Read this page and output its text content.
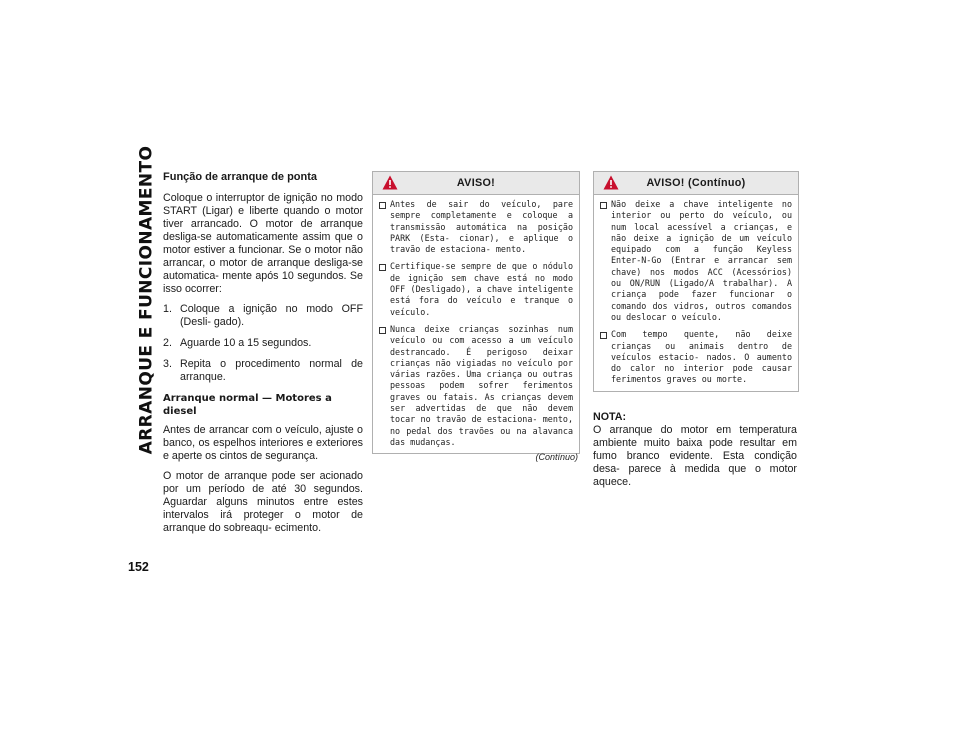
ARRANQUE E FUNCIONAMENTO
152
Função de arranque de ponta

Coloque o interruptor de ignição no modo START (Ligar) e liberte quando o motor tiver arrancado. O motor de arranque desliga-se automaticamente assim que o motor estiver a funcionar. Se o motor não arrancar, o motor de arranque desliga-se automatica- mente após 10 segundos. Se isso ocorrer:

1. Coloque a ignição no modo OFF (Desli- gado).
2. Aguarde 10 a 15 segundos.
3. Repita o procedimento normal de arranque.
Arranque normal — Motores a diesel

Antes de arrancar com o veículo, ajuste o banco, os espelhos interiores e exteriores e aperte os cintos de segurança.

O motor de arranque pode ser acionado por um período de até 30 segundos. Aguardar alguns minutos entre estes intervalos irá proteger o motor de arranque do sobreaqu- ecimento.

AVISO!
Antes de sair do veículo, pare sempre completamente e coloque a transmissão automática na posição PARK (Esta- cionar), e aplique o travão de estaciona- mento.
Certifique-se sempre de que o nódulo de ignição sem chave está no modo OFF (Desligado), a chave inteligente está fora do veículo e tranque o veículo.
Nunca deixe crianças sozinhas num veículo ou com acesso a um veículo destrancado. É perigoso deixar crianças não vigiadas no veículo por várias razões. Uma criança ou outras pessoas podem sofrer ferimentos graves ou fatais. As crianças devem ser advertidas de que não devem tocar no travão de estaciona- mento, no pedal dos travões ou na alavanca das mudanças.
(Contínuo)
AVISO! (Contínuo)
Não deixe a chave inteligente no interior ou perto do veículo, ou num local acessível a crianças, e não deixe a ignição de um veículo equipado com a função Keyless Enter-N-Go (Entrar e arrancar sem chave) nos modos ACC (Acessórios) ou ON/RUN (Ligado/A trabalhar). A criança pode fazer funcionar o comando dos vidros, outros comandos ou deslocar o veículo.
Com tempo quente, não deixe crianças ou animais dentro de veículos estacio- nados. O aumento do calor no interior pode causar ferimentos graves ou morte.
NOTA:

O arranque do motor em temperatura ambiente muito baixa pode resultar em fumo branco evidente. Esta condição desa- parece à medida que o motor aquece.
